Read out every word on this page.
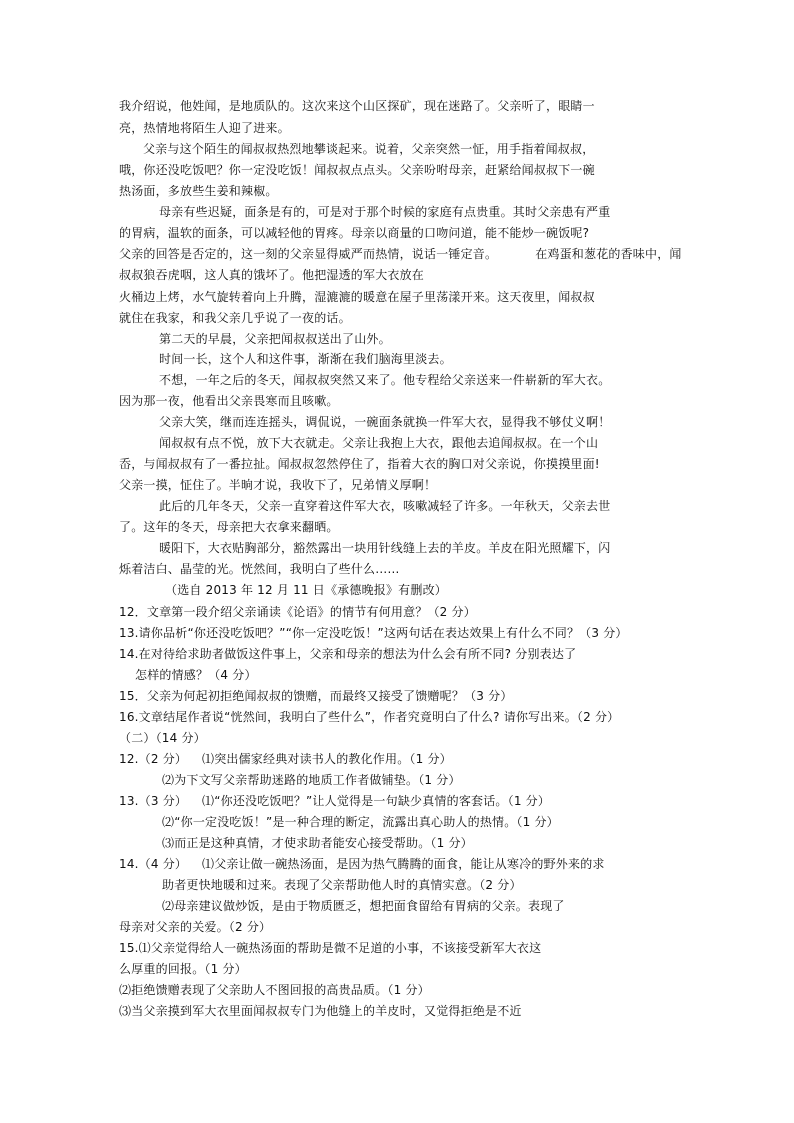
我介绍说，他姓闻，是地质队的。这次来这个山区探矿，现在迷路了。父亲听了，眼睛一
亮，热情地将陌生人迎了进来。
父亲与这个陌生的闻叔叔热烈地攀谈起来。说着，父亲突然一怔，用手指着闻叔叔，
哦，你还没吃饭吧？你一定没吃饭！闻叔叔点点头。父亲吩咐母亲，赶紧给闻叔叔下一碗
热汤面，多放些生姜和辣椒。
母亲有些迟疑，面条是有的，可是对于那个时候的家庭有点贵重。其时父亲患有严重
的胃病，温软的面条，可以减轻他的胃疼。母亲以商量的口吻问道，能不能炒一碗饭呢?
父亲的回答是否定的，这一刻的父亲显得威严而热情，说话一锤定音。	在鸡蛋和葱花的香味中，闻
叔叔狼吞虎咽，这人真的饿坏了。他把湿透的军大衣放在
火桶边上烤，水气旋转着向上升腾，湿漉漉的暖意在屋子里荡漾开来。这天夜里，闻叔叔
就住在我家，和我父亲几乎说了一夜的话。
第二天的早晨，父亲把闻叔叔送出了山外。
时间一长，这个人和这件事，渐渐在我们脑海里淡去。
不想，一年之后的冬天，闻叔叔突然又来了。他专程给父亲送来一件崭新的军大衣。
因为那一夜，他看出父亲畏寒而且咳嗽。
父亲大笑，继而连连摇头，调侃说，一碗面条就换一件军大衣，显得我不够仗义啊！
闻叔叔有点不悦，放下大衣就走。父亲让我抱上大衣，跟他去追闻叔叔。在一个山
岙，与闻叔叔有了一番拉扯。闻叔叔忽然停住了，指着大衣的胸口对父亲说，你摸摸里面!
父亲一摸，怔住了。半晌才说，我收下了，兄弟情义厚啊！
此后的几年冬天，父亲一直穿着这件军大衣，咳嗽减轻了许多。一年秋天，父亲去世
了。这年的冬天，母亲把大衣拿来翻晒。
暖阳下，大衣贴胸部分，豁然露出一块用针线缝上去的羊皮。羊皮在阳光照耀下，闪
烁着洁白、晶莹的光。恍然间，我明白了些什么……
（选自 2013 年 12 月 11 日《承德晚报》有删改）
12．文章第一段介绍父亲诵读《论语》的情节有何用意？（2 分）
13.请你品析“你还没吃饭吧？”“你一定没吃饭！”这两句话在表达效果上有什么不同？（3 分）
14.在对待给求助者做饭这件事上，父亲和母亲的想法为什么会有所不同? 分别表达了
怎样的情感？（4 分）
15．父亲为何起初拒绝闻叔叔的馈赠，而最终又接受了馈赠呢？（3 分）
16.文章结尾作者说“恍然间，我明白了些什么”，作者究竟明白了什么? 请你写出来。（2 分）
（二）（14 分）
12.（2 分） ⑴突出儒家经典对读书人的教化作用。（1 分）
⑵为下文写父亲帮助迷路的地质工作者做铺垫。（1 分）
13.（3 分） ⑴“你还没吃饭吧？”让人觉得是一句缺少真情的客套话。（1 分）
⑵“你一定没吃饭！”是一种合理的断定，流露出真心助人的热情。（1 分）
⑶而正是这种真情，才使求助者能安心接受帮助。（1 分）
14.（4 分） ⑴父亲让做一碗热汤面，是因为热气腾腾的面食，能让从寒冷的野外来的求
助者更快地暖和过来。表现了父亲帮助他人时的真情实意。（2 分）
⑵母亲建议做炒饭，是由于物质匮乏，想把面食留给有胃病的父亲。表现了
母亲对父亲的关爱。（2 分）
15.⑴父亲觉得给人一碗热汤面的帮助是微不足道的小事，不该接受新军大衣这
么厚重的回报。（1 分）
⑵拒绝馈赠表现了父亲助人不图回报的高贵品质。（1 分）
⑶当父亲摸到军大衣里面闻叔叔专门为他缝上的羊皮时，又觉得拒绝是不近
